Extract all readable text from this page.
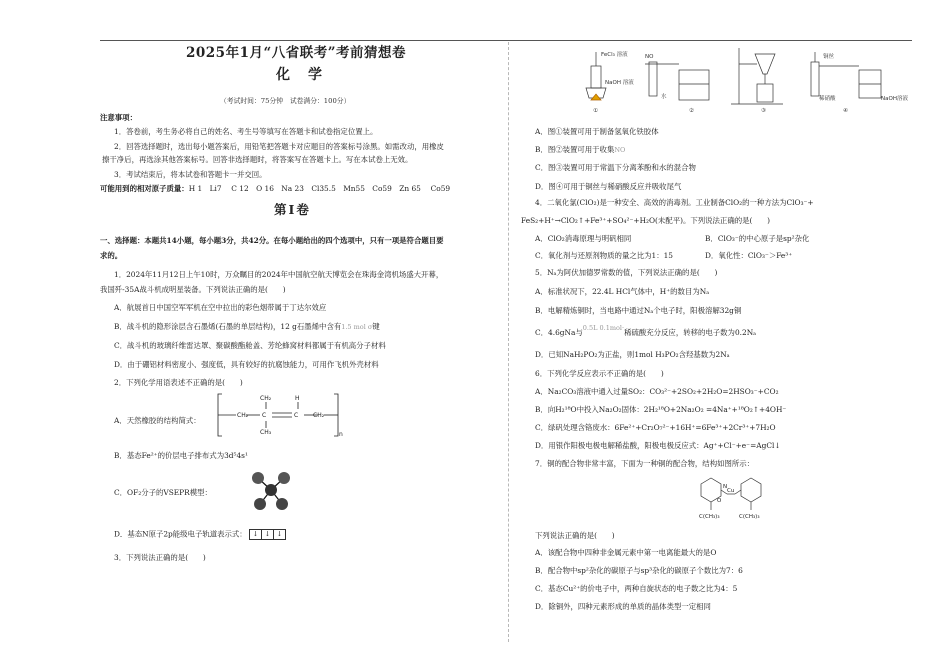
2025年1月“八省联考”考前猜想卷
化学
（考试时间：75分钟　试卷满分：100分）
注意事项：
1．答卷前，考生务必将自己的姓名、考生号等填写在答题卡和试卷指定位置上。
2．回答选择题时，选出每小题答案后，用铅笔把答题卡对应题目的答案标号涂黑。如需改动，用橡皮
擦干净后，再选涂其他答案标号。回答非选择题时，将答案写在答题卡上。写在本试卷上无效。
3．考试结束后，将本试卷和答题卡一并交回。
可能用到的相对原子质量：H 1　Li7　 C 12　O 16　Na 23　Cl35.5　Mn55　Co59　Zn 65　 Co59
第Ⅰ卷
一、选择题：本题共14小题，每小题3分，共42分。在每小题给出的四个选项中，只有一项是符合题目要
求的。
1．2024年11月12日上午10时，万众瞩目的2024年中国航空航天博览会在珠海金湾机场盛大开幕，
我国歼-35A战斗机成明星装备。下列说法正确的是(　　)
A．航展首日中国空军军机在空中拉出的彩色烟带属于丁达尔效应
B．战斗机的隐形涂层含石墨烯(石墨的单层结构)，12 g石墨烯中含有1.5 mol σ键
C．战斗机的玻璃纤维雷达罩、聚碳酸酯舱盖、芳纶蜂窝材料都属于有机高分子材料
D．由于硼铝材料密度小、强度低，具有较好的抗腐蚀能力，可用作飞机外壳材料
2．下列化学用语表述不正确的是(　　)
A．天然橡胶的结构简式：
CH₂ C	C CH₂
CH₂
CH₃
H
n
B．基态Fe²⁺的价层电子排布式为3d⁵4s¹
C．OF₂分子的VSEPR模型：
D．基态N原子2p能级电子轨道表示式： ↓ ↓ ↓
3．下列说法正确的是(　　)
FeCl₃ 溶液
NaOH 溶液
NO
水
①	②	③	④
铜丝
稀硝酸	NaOH溶液
A．图①装置可用于制备氢氧化铁胶体
B．图②装置可用于收集NO
C．图③装置可用于常温下分离苯酚和水的混合物
D．图④可用于铜丝与稀硝酸反应并吸收尾气
4．二氧化氯(ClO₂)是一种安全、高效的消毒剂。工业制备ClO₂的一种方法为ClO₃⁻+
FeS₂+H⁺→ClO₂↑+Fe³⁺+SO₄²⁻+H₂O(未配平)。下列说法正确的是(　　)
A．ClO₂消毒原理与明矾相同	B．ClO₃⁻的中心原子是sp²杂化
C．氧化剂与还原剂物质的量之比为1：15	D．氧化性：ClO₃⁻＞Fe³⁺
5．Nₐ为阿伏加德罗常数的值，下列说法正确的是(　　)
A．标准状况下，22.4L HCl气体中，H⁺的数目为Nₐ
B．电解精炼铜时，当电路中通过Nₐ个电子时，阳极溶解32g铜
C．4.6gNa与0.5L 0.1mol·稀硫酸充分反应，转移的电子数为0.2Nₐ
D．已知NaH₂PO₂为正盐，则1mol H₃PO₂含羟基数为2Nₐ
6．下列化学反应表示不正确的是(　　)
A．Na₂CO₃溶液中通入过量SO₂：CO₃²⁻+2SO₂+2H₂O=2HSO₃⁻+CO₂
B．向H₂¹⁸O中投入Na₂O₂固体：2H₂¹⁸O+2Na₂O₂ =4Na⁺+¹⁸O₂↑+4OH⁻
C．绿矾处理含铬废水：6Fe²⁺+Cr₂O₇²⁻+16H⁺=6Fe³⁺+2Cr³⁺+7H₂O
D．用银作阳极电极电解稀盐酸，阳极电极反应式：Ag⁺+Cl⁻+e⁻=AgCl↓
7．铜的配合物非常丰富，下面为一种铜的配合物，结构如图所示：
Cu
N
O
C(CH₃)₃	C(CH₃)₃
下列说法正确的是(　　)
A．该配合物中四种非金属元素中第一电离能最大的是O
B．配合物中sp²杂化的碳原子与sp³杂化的碳原子个数比为7：6
C．基态Cu²⁺的价电子中，两种自旋状态的电子数之比为4：5
D．除铜外，四种元素形成的单质的晶体类型一定相同
